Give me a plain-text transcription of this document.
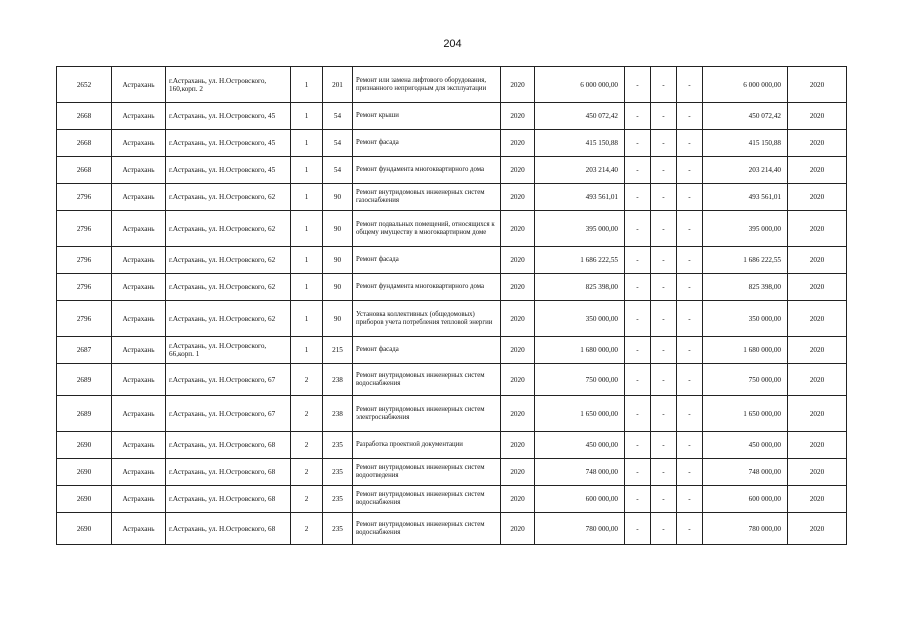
204
2652	Астрахань	г.Астрахань, ул. Н.Островского, 160,корп. 2	1	201	Ремонт или замена лифтового оборудования, признанного непригодным для эксплуатации	2020	6 000 000,00	-	-	-	6 000 000,00	2020
2668	Астрахань	г.Астрахань, ул. Н.Островского, 45	1	54	Ремонт крыши	2020	450 072,42	-	-	-	450 072,42	2020
2668	Астрахань	г.Астрахань, ул. Н.Островского, 45	1	54	Ремонт фасада	2020	415 150,88	-	-	-	415 150,88	2020
2668	Астрахань	г.Астрахань, ул. Н.Островского, 45	1	54	Ремонт фундамента многоквартирного дома	2020	203 214,40	-	-	-	203 214,40	2020
2796	Астрахань	г.Астрахань, ул. Н.Островского, 62	1	90	Ремонт внутридомовых инженерных систем газоснабжения	2020	493 561,01	-	-	-	493 561,01	2020
2796	Астрахань	г.Астрахань, ул. Н.Островского, 62	1	90	Ремонт подвальных помещений, относящихся к общему имуществу в многоквартирном доме	2020	395 000,00	-	-	-	395 000,00	2020
2796	Астрахань	г.Астрахань, ул. Н.Островского, 62	1	90	Ремонт фасада	2020	1 686 222,55	-	-	-	1 686 222,55	2020
2796	Астрахань	г.Астрахань, ул. Н.Островского, 62	1	90	Ремонт фундамента многоквартирного дома	2020	825 398,00	-	-	-	825 398,00	2020
2796	Астрахань	г.Астрахань, ул. Н.Островского, 62	1	90	Установка коллективных (общедомовых) приборов учета потребления тепловой энергии	2020	350 000,00	-	-	-	350 000,00	2020
2687	Астрахань	г.Астрахань, ул. Н.Островского, 66,корп. 1	1	215	Ремонт фасада	2020	1 680 000,00	-	-	-	1 680 000,00	2020
2689	Астрахань	г.Астрахань, ул. Н.Островского, 67	2	238	Ремонт внутридомовых инженерных систем водоснабжения	2020	750 000,00	-	-	-	750 000,00	2020
2689	Астрахань	г.Астрахань, ул. Н.Островского, 67	2	238	Ремонт внутридомовых инженерных систем электроснабжения	2020	1 650 000,00	-	-	-	1 650 000,00	2020
2690	Астрахань	г.Астрахань, ул. Н.Островского, 68	2	235	Разработка проектной документации	2020	450 000,00	-	-	-	450 000,00	2020
2690	Астрахань	г.Астрахань, ул. Н.Островского, 68	2	235	Ремонт внутридомовых инженерных систем водоотведения	2020	748 000,00	-	-	-	748 000,00	2020
2690	Астрахань	г.Астрахань, ул. Н.Островского, 68	2	235	Ремонт внутридомовых инженерных систем водоснабжения	2020	600 000,00	-	-	-	600 000,00	2020
2690	Астрахань	г.Астрахань, ул. Н.Островского, 68	2	235	Ремонт внутридомовых инженерных систем водоснабжения	2020	780 000,00	-	-	-	780 000,00	2020
